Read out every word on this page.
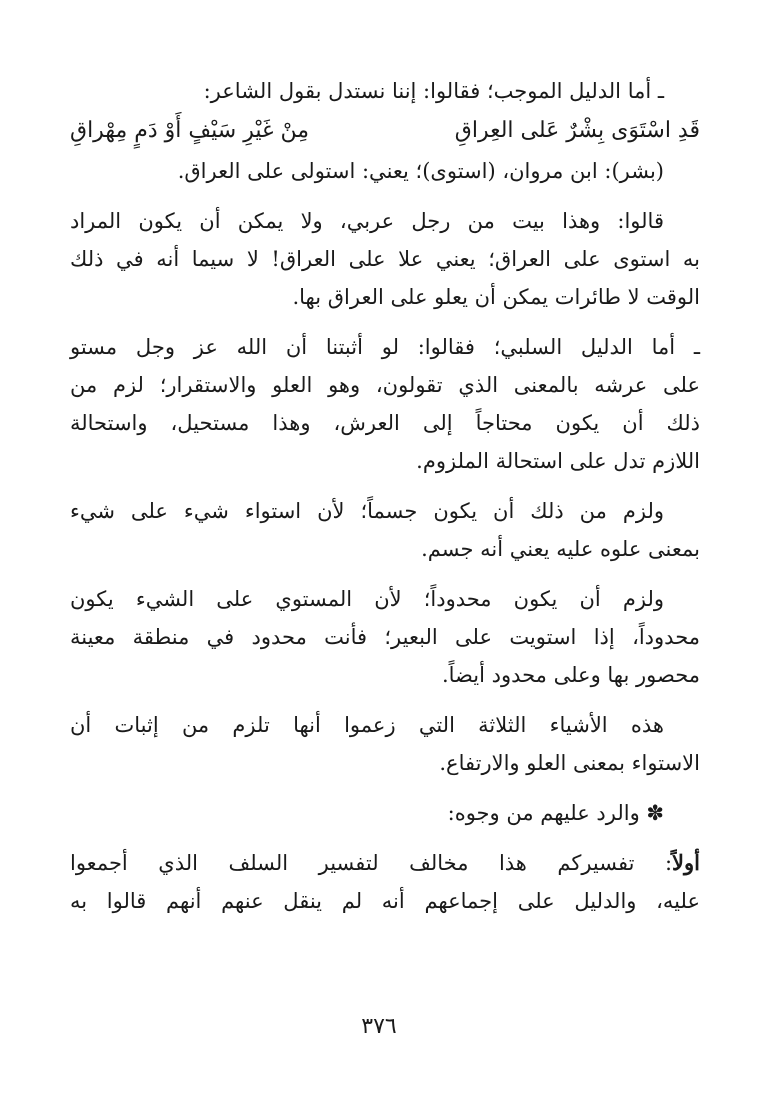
ـ أما الدليل الموجب؛ فقالوا: إننا نستدل بقول الشاعر:
قَدِ اسْتَوَى بِشْرٌ عَلى العِراقِ
مِنْ غَيْرِ سَيْفٍ أَوْ دَمٍ مِهْراقِ
(بشر): ابن مروان، (استوى)؛ يعني: استولى على العراق.
قالوا: وهذا بيت من رجل عربي، ولا يمكن أن يكون المراد
به استوى على العراق؛ يعني علا على العراق! لا سيما أنه في ذلك
الوقت لا طائرات يمكن أن يعلو على العراق بها.
ـ أما الدليل السلبي؛ فقالوا: لو أثبتنا أن الله عز وجل مستو
على عرشه بالمعنى الذي تقولون، وهو العلو والاستقرار؛ لزم من
ذلك أن يكون محتاجاً إلى العرش، وهذا مستحيل، واستحالة
اللازم تدل على استحالة الملزوم.
ولزم من ذلك أن يكون جسماً؛ لأن استواء شيء على شيء
بمعنى علوه عليه يعني أنه جسم.
ولزم أن يكون محدوداً؛ لأن المستوي على الشيء يكون
محدوداً، إذا استويت على البعير؛ فأنت محدود في منطقة معينة
محصور بها وعلى محدود أيضاً.
هذه الأشياء الثلاثة التي زعموا أنها تلزم من إثبات أن
الاستواء بمعنى العلو والارتفاع.
✽ والرد عليهم من وجوه:
أولاً: تفسيركم هذا مخالف لتفسير السلف الذي أجمعوا
عليه، والدليل على إجماعهم أنه لم ينقل عنهم أنهم قالوا به
٣٧٦
